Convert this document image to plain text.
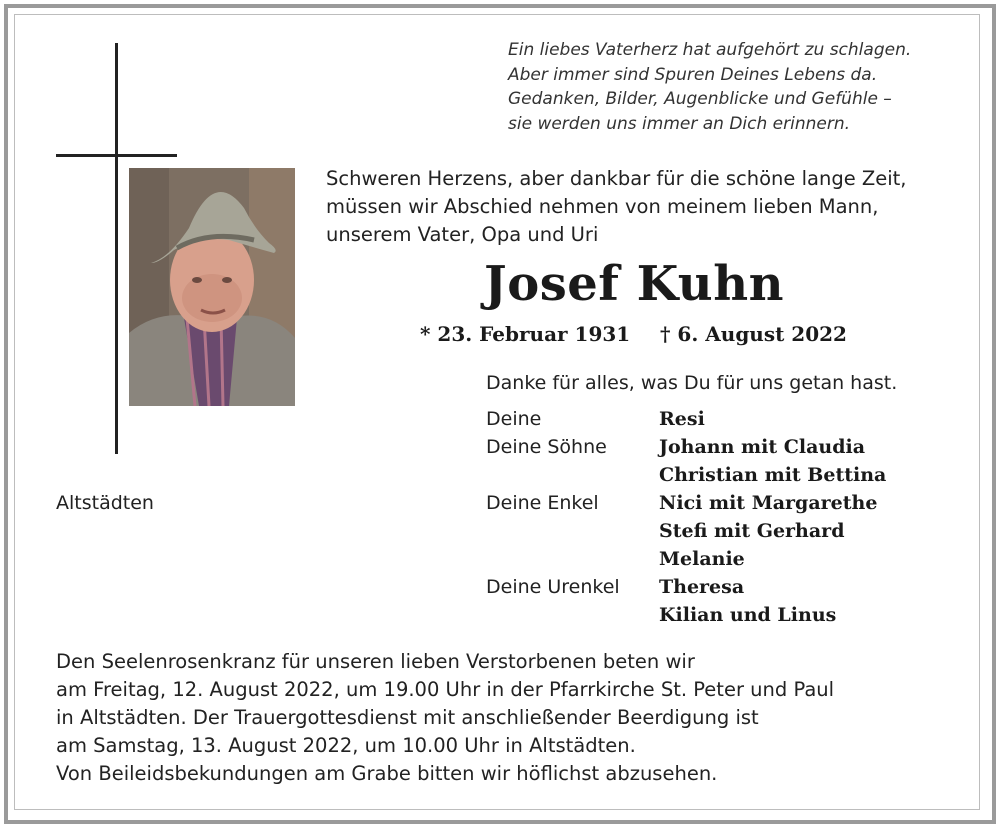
Ein liebes Vaterherz hat aufgehört zu schlagen.
Aber immer sind Spuren Deines Lebens da.
Gedanken, Bilder, Augenblicke und Gefühle –
sie werden uns immer an Dich erinnern.
Schweren Herzens, aber dankbar für die schöne lange Zeit,
müssen wir Abschied nehmen von meinem lieben Mann,
unserem Vater, Opa und Uri
Josef Kuhn
* 23. Februar 1931 † 6. August 2022
Danke für alles, was Du für uns getan hast.
Deine	Resi
Deine Söhne	Johann mit Claudia
Christian mit Bettina
Deine Enkel	Nici mit Margarethe
Stefi mit Gerhard
Melanie
Deine Urenkel Theresa
Kilian und Linus
Altstädten
Den Seelenrosenkranz für unseren lieben Verstorbenen beten wir
am Freitag, 12. August 2022, um 19.00 Uhr in der Pfarrkirche St. Peter und Paul
in Altstädten. Der Trauergottesdienst mit anschließender Beerdigung ist
am Samstag, 13. August 2022, um 10.00 Uhr in Altstädten.
Von Beileidsbekundungen am Grabe bitten wir höflichst abzusehen.
